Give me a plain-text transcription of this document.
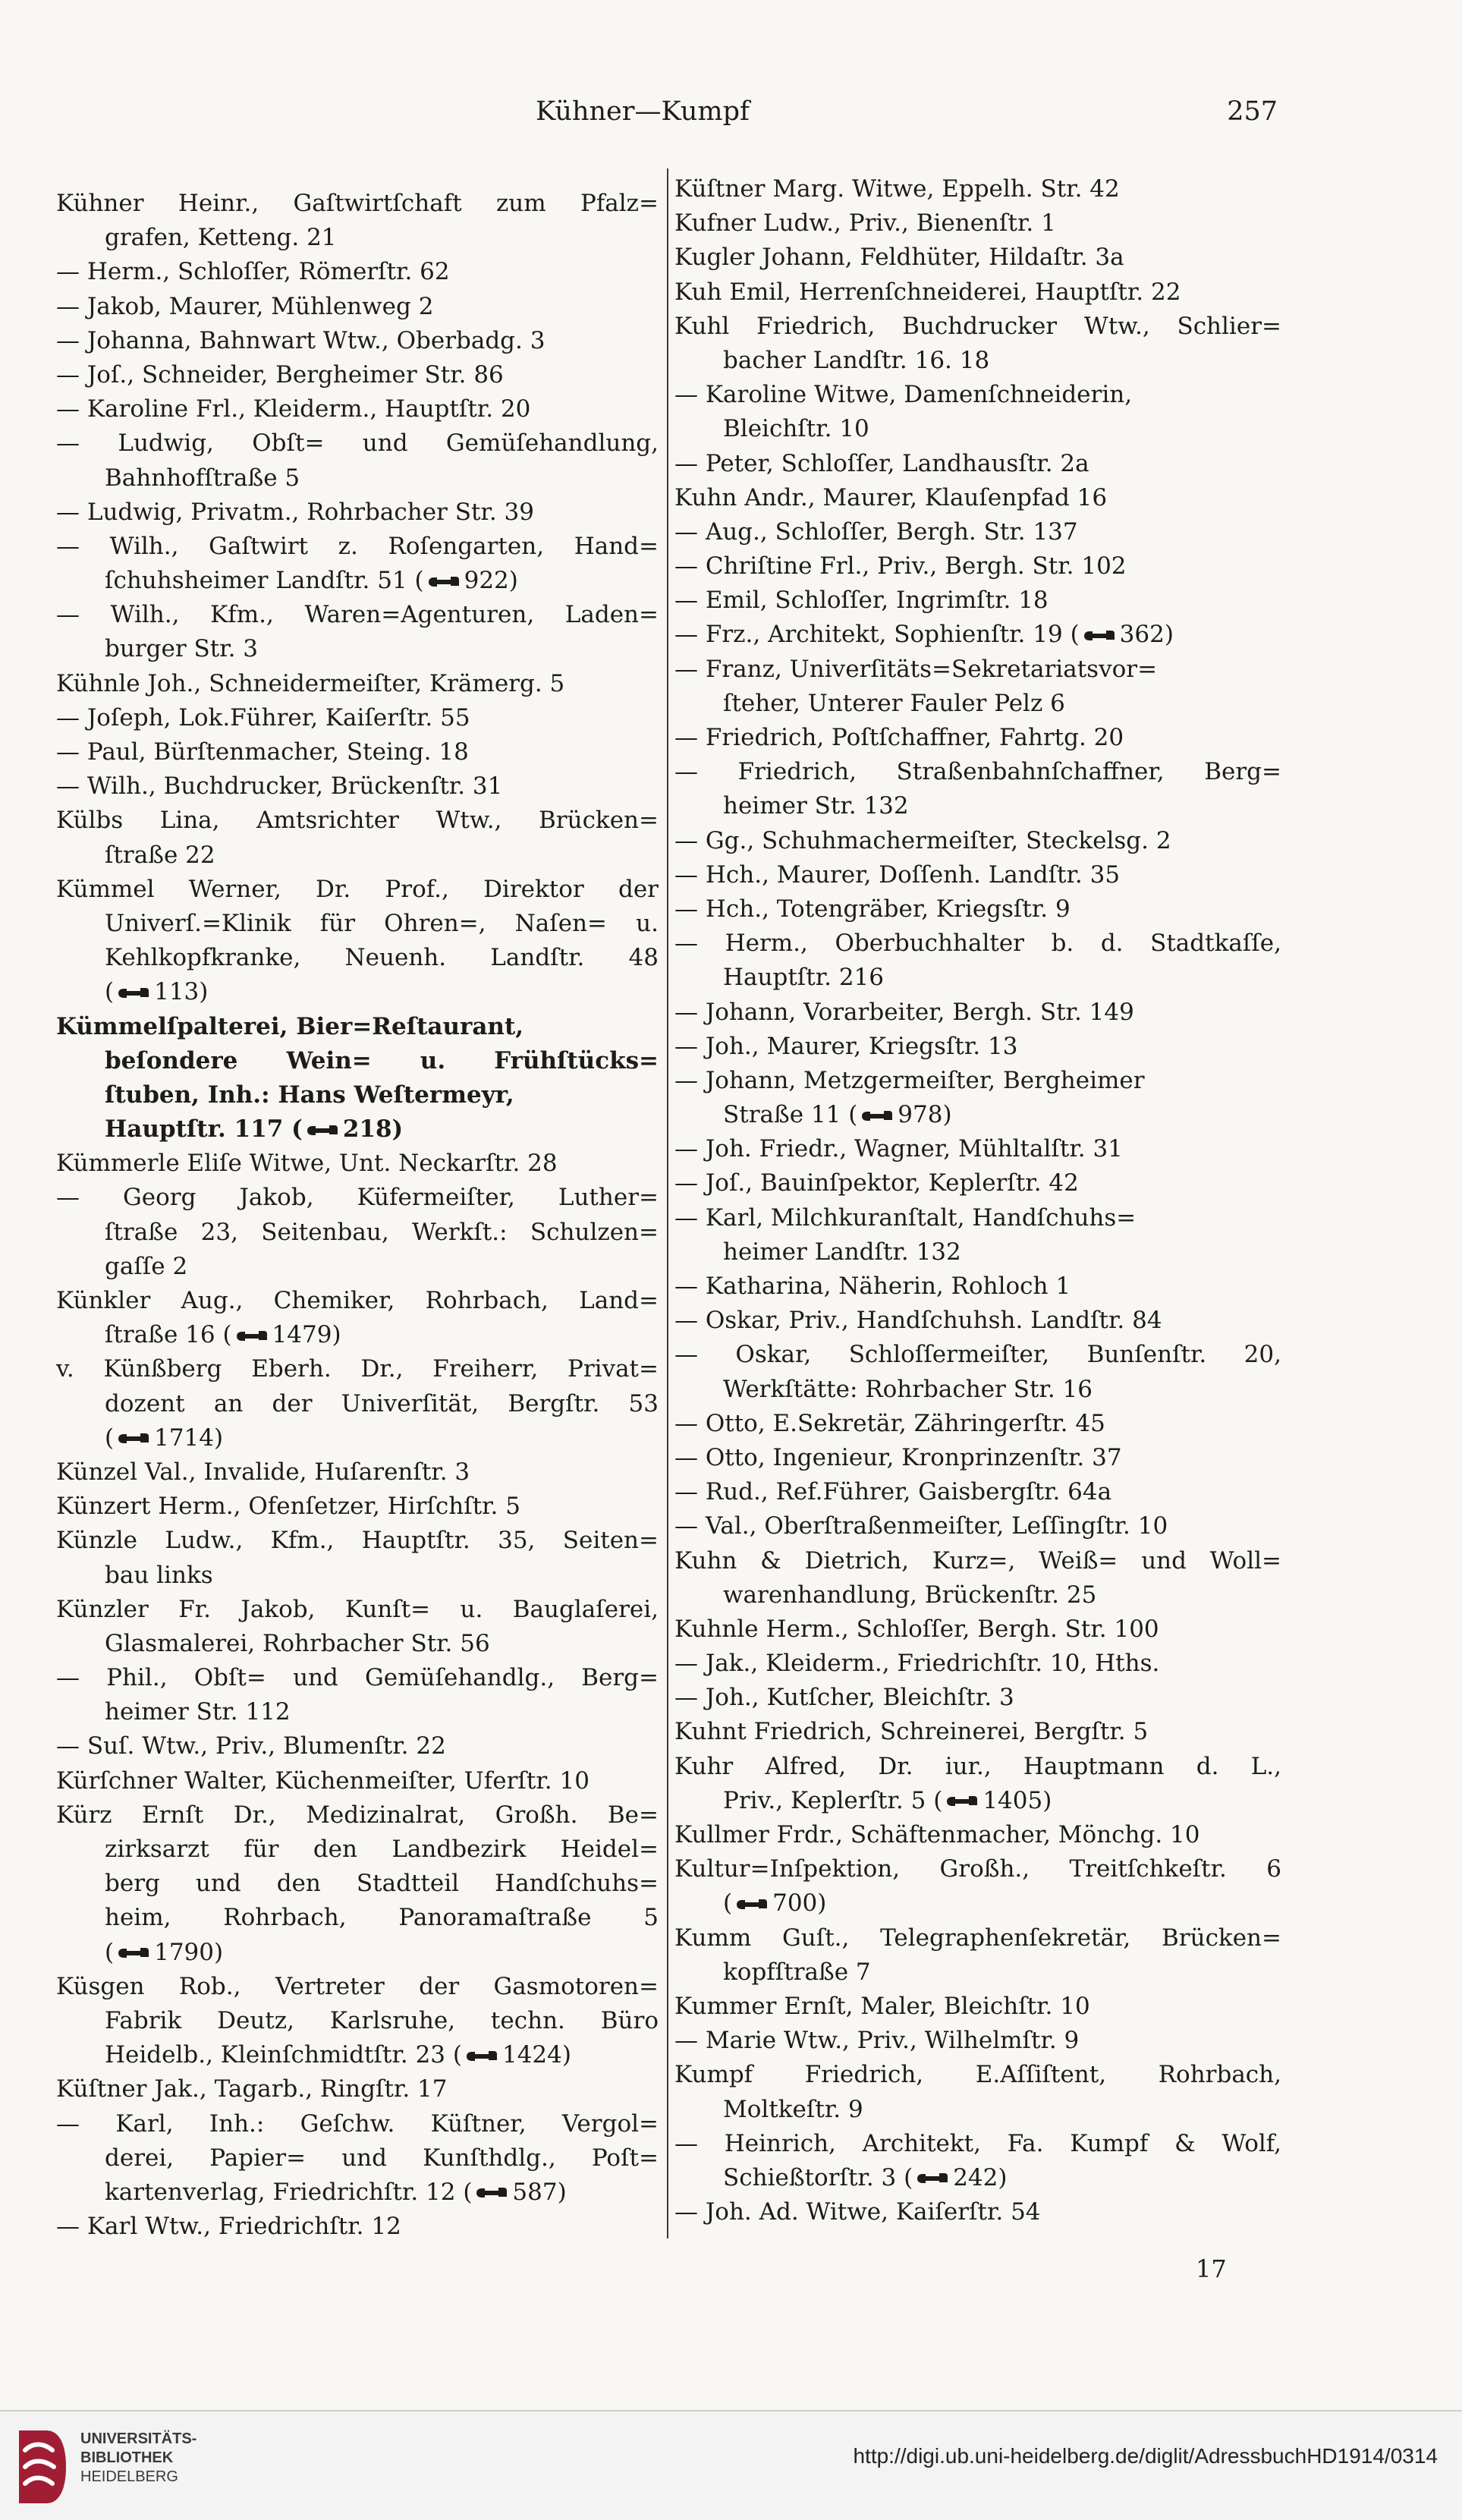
Kühner—Kumpf	257
Kühner Heinr., Gaſtwirtſchaft zum Pfalz=
grafen, Ketteng. 21
— Herm., Schloſſer, Römerſtr. 62
— Jakob, Maurer, Mühlenweg 2
— Johanna, Bahnwart Wtw., Oberbadg. 3
— Joſ., Schneider, Bergheimer Str. 86
— Karoline Frl., Kleiderm., Hauptſtr. 20
— Ludwig, Obſt= und Gemüſehandlung,
Bahnhofſtraße 5
— Ludwig, Privatm., Rohrbacher Str. 39
— Wilh., Gaſtwirt z. Roſengarten, Hand=
ſchuhsheimer Landſtr. 51 ( 922)
— Wilh., Kfm., Waren=Agenturen, Laden=
burger Str. 3
Kühnle Joh., Schneidermeiſter, Krämerg. 5
— Joſeph, Lok.Führer, Kaiſerſtr. 55
— Paul, Bürſtenmacher, Steing. 18
— Wilh., Buchdrucker, Brückenſtr. 31
Külbs Lina, Amtsrichter Wtw., Brücken=
ſtraße 22
Kümmel Werner, Dr. Prof., Direktor der
Univerſ.=Klinik für Ohren=, Naſen= u.
Kehlkopfkranke, Neuenh. Landſtr. 48
( 113)
Kümmelſpalterei, Bier=Reſtaurant,
beſondere Wein= u. Frühſtücks=
ſtuben, Inh.: Hans Weſtermeyr,
Hauptſtr. 117 ( 218)
Kümmerle Eliſe Witwe, Unt. Neckarſtr. 28
— Georg Jakob, Küfermeiſter, Luther=
ſtraße 23, Seitenbau, Werkſt.: Schulzen=
gaſſe 2
Künkler Aug., Chemiker, Rohrbach, Land=
ſtraße 16 ( 1479)
v. Künßberg Eberh. Dr., Freiherr, Privat=
dozent an der Univerſität, Bergſtr. 53
( 1714)
Künzel Val., Invalide, Huſarenſtr. 3
Künzert Herm., Ofenſetzer, Hirſchſtr. 5
Künzle Ludw., Kfm., Hauptſtr. 35, Seiten=
bau links
Künzler Fr. Jakob, Kunſt= u. Bauglaſerei,
Glasmalerei, Rohrbacher Str. 56
— Phil., Obſt= und Gemüſehandlg., Berg=
heimer Str. 112
— Suſ. Wtw., Priv., Blumenſtr. 22
Kürſchner Walter, Küchenmeiſter, Uferſtr. 10
Kürz Ernſt Dr., Medizinalrat, Großh. Be=
zirksarzt für den Landbezirk Heidel=
berg und den Stadtteil Handſchuhs=
heim, Rohrbach, Panoramaſtraße 5
( 1790)
Küsgen Rob., Vertreter der Gasmotoren=
Fabrik Deutz, Karlsruhe, techn. Büro
Heidelb., Kleinſchmidtſtr. 23 ( 1424)
Küſtner Jak., Tagarb., Ringſtr. 17
— Karl, Inh.: Geſchw. Küſtner, Vergol=
derei, Papier= und Kunſthdlg., Poſt=
kartenverlag, Friedrichſtr. 12 ( 587)
— Karl Wtw., Friedrichſtr. 12
Küſtner Marg. Witwe, Eppelh. Str. 42
Kufner Ludw., Priv., Bienenſtr. 1
Kugler Johann, Feldhüter, Hildaſtr. 3a
Kuh Emil, Herrenſchneiderei, Hauptſtr. 22
Kuhl Friedrich, Buchdrucker Wtw., Schlier=
bacher Landſtr. 16. 18
— Karoline Witwe, Damenſchneiderin,
Bleichſtr. 10
— Peter, Schloſſer, Landhausſtr. 2a
Kuhn Andr., Maurer, Klauſenpfad 16
— Aug., Schloſſer, Bergh. Str. 137
— Chriſtine Frl., Priv., Bergh. Str. 102
— Emil, Schloſſer, Ingrimſtr. 18
— Frz., Architekt, Sophienſtr. 19 ( 362)
— Franz, Univerſitäts=Sekretariatsvor=
ſteher, Unterer Fauler Pelz 6
— Friedrich, Poſtſchaffner, Fahrtg. 20
— Friedrich, Straßenbahnſchaffner, Berg=
heimer Str. 132
— Gg., Schuhmachermeiſter, Steckelsg. 2
— Hch., Maurer, Doſſenh. Landſtr. 35
— Hch., Totengräber, Kriegsſtr. 9
— Herm., Oberbuchhalter b. d. Stadtkaſſe,
Hauptſtr. 216
— Johann, Vorarbeiter, Bergh. Str. 149
— Joh., Maurer, Kriegsſtr. 13
— Johann, Metzgermeiſter, Bergheimer
Straße 11 ( 978)
— Joh. Friedr., Wagner, Mühltalſtr. 31
— Joſ., Bauinſpektor, Keplerſtr. 42
— Karl, Milchkuranſtalt, Handſchuhs=
heimer Landſtr. 132
— Katharina, Näherin, Rohloch 1
— Oskar, Priv., Handſchuhsh. Landſtr. 84
— Oskar, Schloſſermeiſter, Bunſenſtr. 20,
Werkſtätte: Rohrbacher Str. 16
— Otto, E.Sekretär, Zähringerſtr. 45
— Otto, Ingenieur, Kronprinzenſtr. 37
— Rud., Ref.Führer, Gaisbergſtr. 64a
— Val., Oberſtraßenmeiſter, Leſſingſtr. 10
Kuhn & Dietrich, Kurz=, Weiß= und Woll=
warenhandlung, Brückenſtr. 25
Kuhnle Herm., Schloſſer, Bergh. Str. 100
— Jak., Kleiderm., Friedrichſtr. 10, Hths.
— Joh., Kutſcher, Bleichſtr. 3
Kuhnt Friedrich, Schreinerei, Bergſtr. 5
Kuhr Alfred, Dr. iur., Hauptmann d. L.,
Priv., Keplerſtr. 5 ( 1405)
Kullmer Frdr., Schäftenmacher, Mönchg. 10
Kultur=Inſpektion, Großh., Treitſchkeſtr. 6
( 700)
Kumm Guſt., Telegraphenſekretär, Brücken=
kopfſtraße 7
Kummer Ernſt, Maler, Bleichſtr. 10
— Marie Wtw., Priv., Wilhelmſtr. 9
Kumpf Friedrich, E.Aſſiſtent, Rohrbach,
Moltkeſtr. 9
— Heinrich, Architekt, Fa. Kumpf & Wolf,
Schießtorſtr. 3 ( 242)
— Joh. Ad. Witwe, Kaiſerſtr. 54
17
UNIVERSITÄTS-
BIBLIOTHEK
HEIDELBERG
http://digi.ub.uni-heidelberg.de/diglit/AdressbuchHD1914/0314
